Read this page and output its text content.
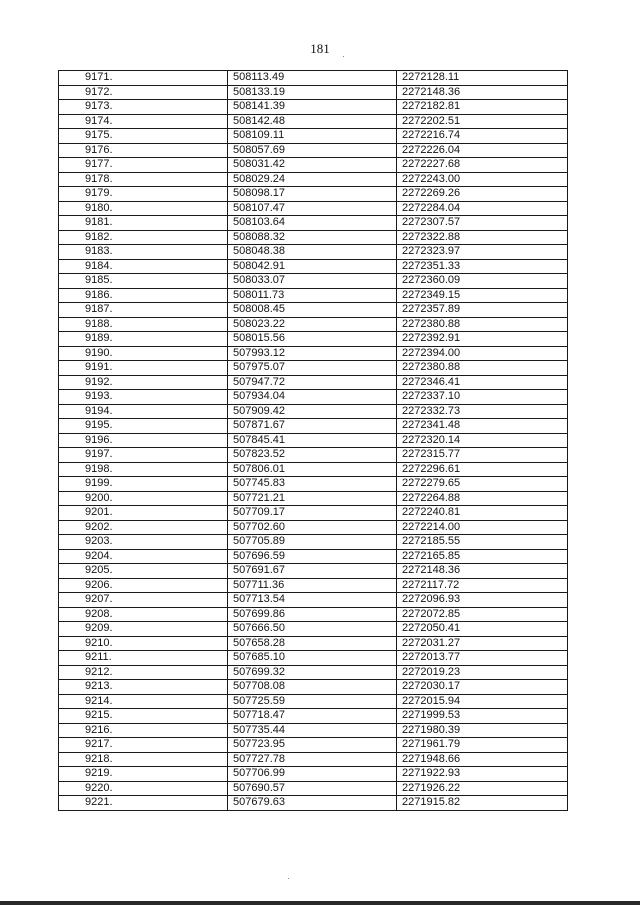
181
9171.	508113.49	2272128.11
9172.	508133.19	2272148.36
9173.	508141.39	2272182.81
9174.	508142.48	2272202.51
9175.	508109.11	2272216.74
9176.	508057.69	2272226.04
9177.	508031.42	2272227.68
9178.	508029.24	2272243.00
9179.	508098.17	2272269.26
9180.	508107.47	2272284.04
9181.	508103.64	2272307.57
9182.	508088.32	2272322.88
9183.	508048.38	2272323.97
9184.	508042.91	2272351.33
9185.	508033.07	2272360.09
9186.	508011.73	2272349.15
9187.	508008.45	2272357.89
9188.	508023.22	2272380.88
9189.	508015.56	2272392.91
9190.	507993.12	2272394.00
9191.	507975.07	2272380.88
9192.	507947.72	2272346.41
9193.	507934.04	2272337.10
9194.	507909.42	2272332.73
9195.	507871.67	2272341.48
9196.	507845.41	2272320.14
9197.	507823.52	2272315.77
9198.	507806.01	2272296.61
9199.	507745.83	2272279.65
9200.	507721.21	2272264.88
9201.	507709.17	2272240.81
9202.	507702.60	2272214.00
9203.	507705.89	2272185.55
9204.	507696.59	2272165.85
9205.	507691.67	2272148.36
9206.	507711.36	2272117.72
9207.	507713.54	2272096.93
9208.	507699.86	2272072.85
9209.	507666.50	2272050.41
9210.	507658.28	2272031.27
9211.	507685.10	2272013.77
9212.	507699.32	2272019.23
9213.	507708.08	2272030.17
9214.	507725.59	2272015.94
9215.	507718.47	2271999.53
9216.	507735.44	2271980.39
9217.	507723.95	2271961.79
9218.	507727.78	2271948.66
9219.	507706.99	2271922.93
9220.	507690.57	2271926.22
9221.	507679.63	2271915.82
